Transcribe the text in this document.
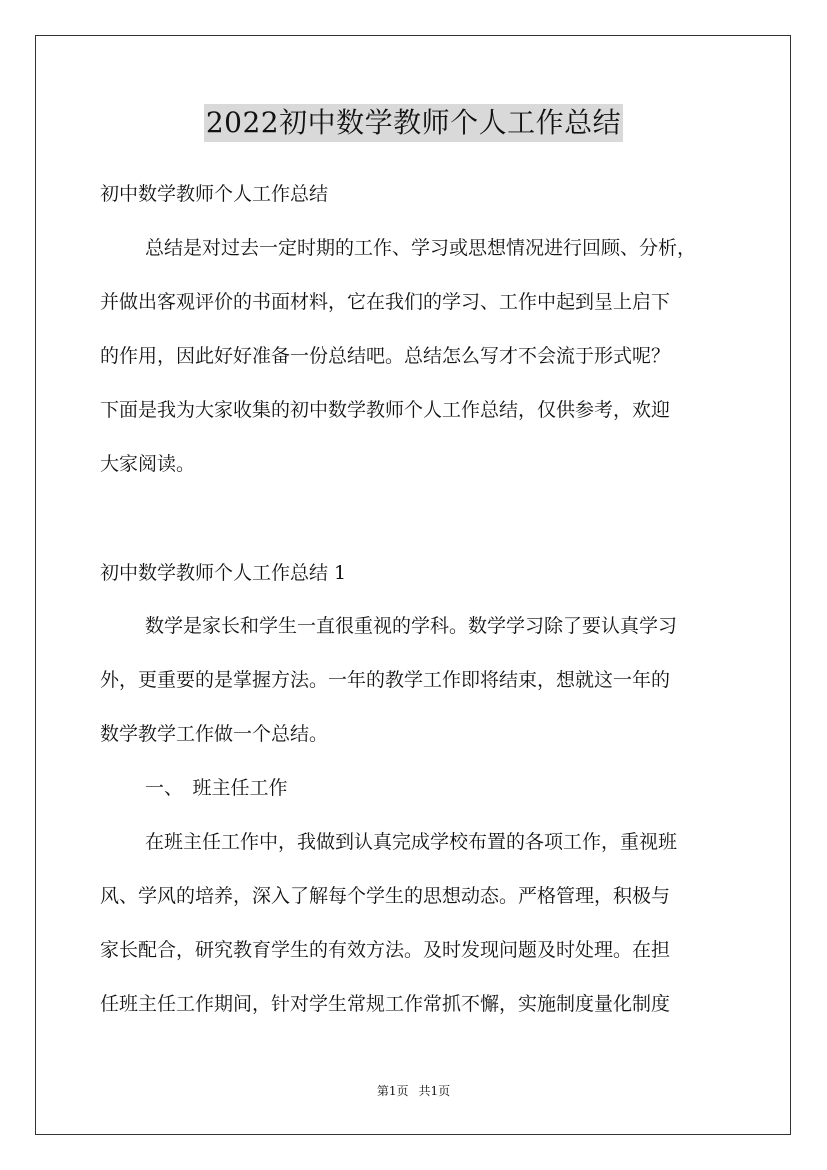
2022初中数学教师个人工作总结
初中数学教师个人工作总结
总结是对过去一定时期的工作、学习或思想情况进行回顾、分析，
并做出客观评价的书面材料，它在我们的学习、工作中起到呈上启下
的作用，因此好好准备一份总结吧。总结怎么写才不会流于形式呢？
下面是我为大家收集的初中数学教师个人工作总结，仅供参考，欢迎
大家阅读。
初中数学教师个人工作总结 1
数学是家长和学生一直很重视的学科。数学学习除了要认真学习
外，更重要的是掌握方法。一年的教学工作即将结束，想就这一年的
数学教学工作做一个总结。
一、　班主任工作
在班主任工作中，我做到认真完成学校布置的各项工作，重视班
风、学风的培养，深入了解每个学生的思想动态。严格管理，积极与
家长配合，研究教育学生的有效方法。及时发现问题及时处理。在担
任班主任工作期间，针对学生常规工作常抓不懈，实施制度量化制度
第1页 共1页
